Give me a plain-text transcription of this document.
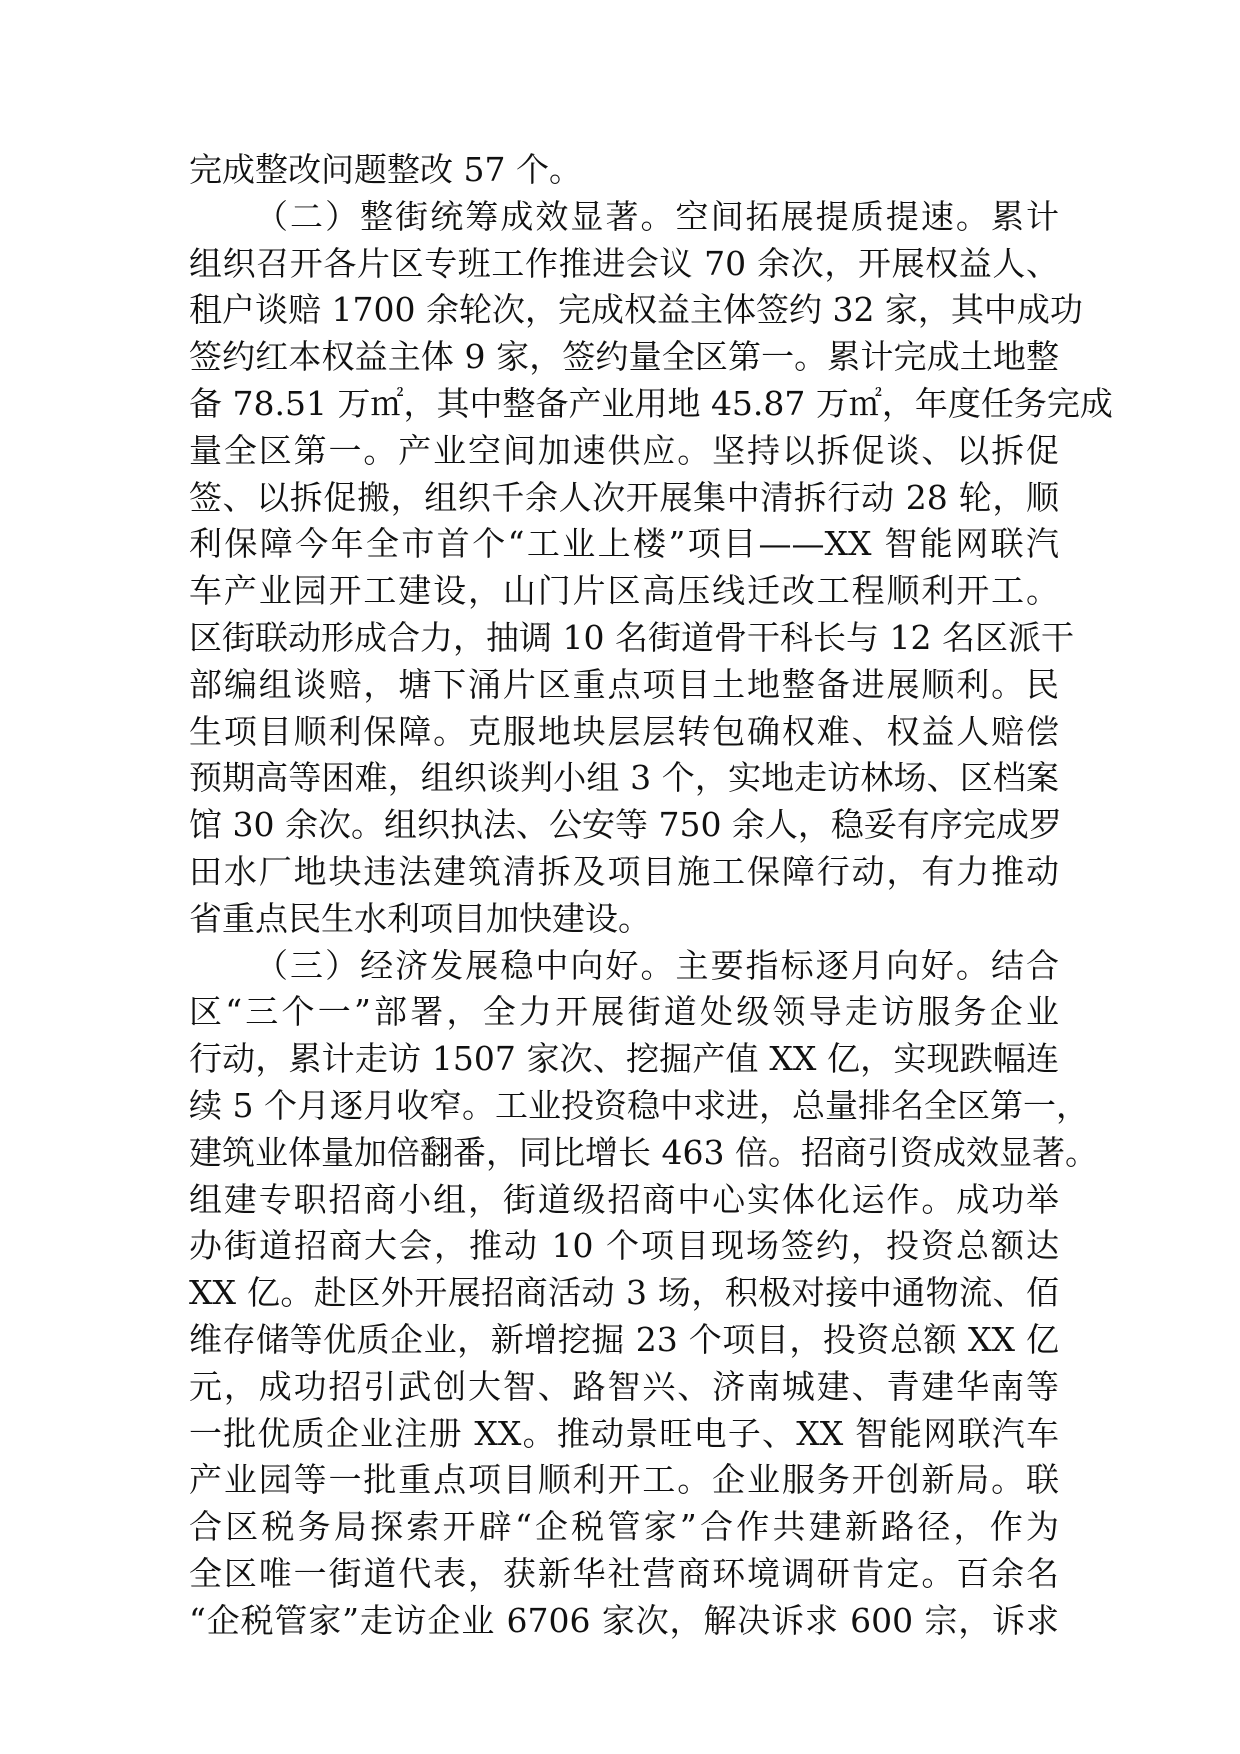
完成整改问题整改 57 个。
（二）整街统筹成效显著。空间拓展提质提速。累计
组织召开各片区专班工作推进会议 70 余次，开展权益人、
租户谈赔 1700 余轮次，完成权益主体签约 32 家，其中成功
签约红本权益主体 9 家，签约量全区第一。累计完成土地整
备 78.51 万㎡，其中整备产业用地 45.87 万㎡，年度任务完成
量全区第一。产业空间加速供应。坚持以拆促谈、以拆促
签、以拆促搬，组织千余人次开展集中清拆行动 28 轮，顺
利保障今年全市首个“工业上楼”项目——XX 智能网联汽
车产业园开工建设，山门片区高压线迁改工程顺利开工。
区街联动形成合力，抽调 10 名街道骨干科长与 12 名区派干
部编组谈赔，塘下涌片区重点项目土地整备进展顺利。民
生项目顺利保障。克服地块层层转包确权难、权益人赔偿
预期高等困难，组织谈判小组 3 个，实地走访林场、区档案
馆 30 余次。组织执法、公安等 750 余人，稳妥有序完成罗
田水厂地块违法建筑清拆及项目施工保障行动，有力推动
省重点民生水利项目加快建设。
（三）经济发展稳中向好。主要指标逐月向好。结合
区“三个一”部署，全力开展街道处级领导走访服务企业
行动，累计走访 1507 家次、挖掘产值 XX 亿，实现跌幅连
续 5 个月逐月收窄。工业投资稳中求进，总量排名全区第一，
建筑业体量加倍翻番，同比增长 463 倍。招商引资成效显著。
组建专职招商小组，街道级招商中心实体化运作。成功举
办街道招商大会，推动 10 个项目现场签约，投资总额达
XX 亿。赴区外开展招商活动 3 场，积极对接中通物流、佰
维存储等优质企业，新增挖掘 23 个项目，投资总额 XX 亿
元，成功招引武创大智、路智兴、济南城建、青建华南等
一批优质企业注册 XX。推动景旺电子、XX 智能网联汽车
产业园等一批重点项目顺利开工。企业服务开创新局。联
合区税务局探索开辟“企税管家”合作共建新路径，作为
全区唯一街道代表，获新华社营商环境调研肯定。百余名
“企税管家”走访企业 6706 家次，解决诉求 600 宗，诉求
